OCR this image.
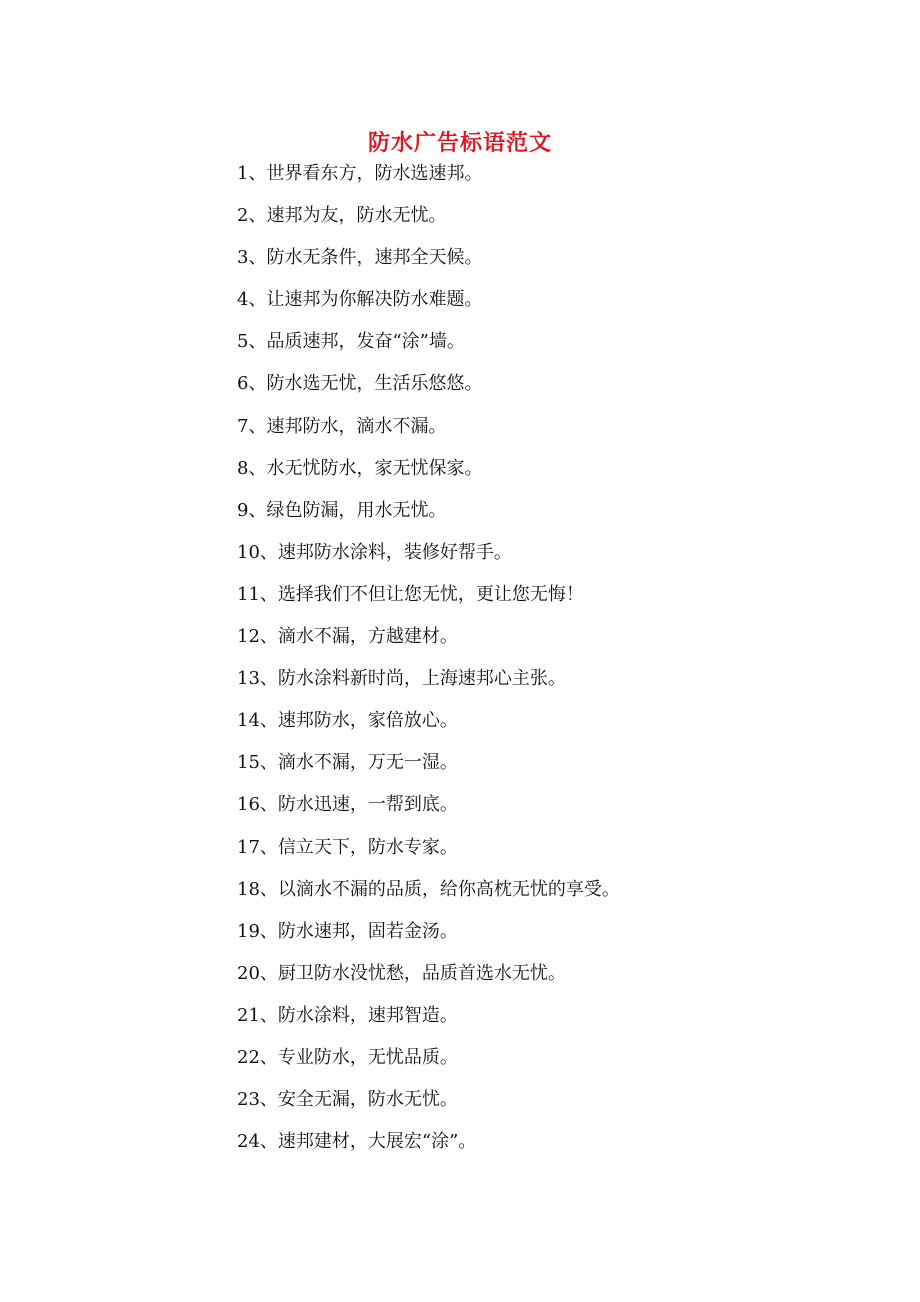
防水广告标语范文
1、世界看东方，防水选速邦。
2、速邦为友，防水无忧。
3、防水无条件，速邦全天候。
4、让速邦为你解决防水难题。
5、品质速邦，发奋“涂”墙。
6、防水选无忧，生活乐悠悠。
7、速邦防水，滴水不漏。
8、水无忧防水，家无忧保家。
9、绿色防漏，用水无忧。
10、速邦防水涂料，装修好帮手。
11、选择我们不但让您无忧，更让您无悔！
12、滴水不漏，方越建材。
13、防水涂料新时尚，上海速邦心主张。
14、速邦防水，家倍放心。
15、滴水不漏，万无一湿。
16、防水迅速，一帮到底。
17、信立天下，防水专家。
18、以滴水不漏的品质，给你高枕无忧的享受。
19、防水速邦，固若金汤。
20、厨卫防水没忧愁，品质首选水无忧。
21、防水涂料，速邦智造。
22、专业防水，无忧品质。
23、安全无漏，防水无忧。
24、速邦建材，大展宏“涂”。
